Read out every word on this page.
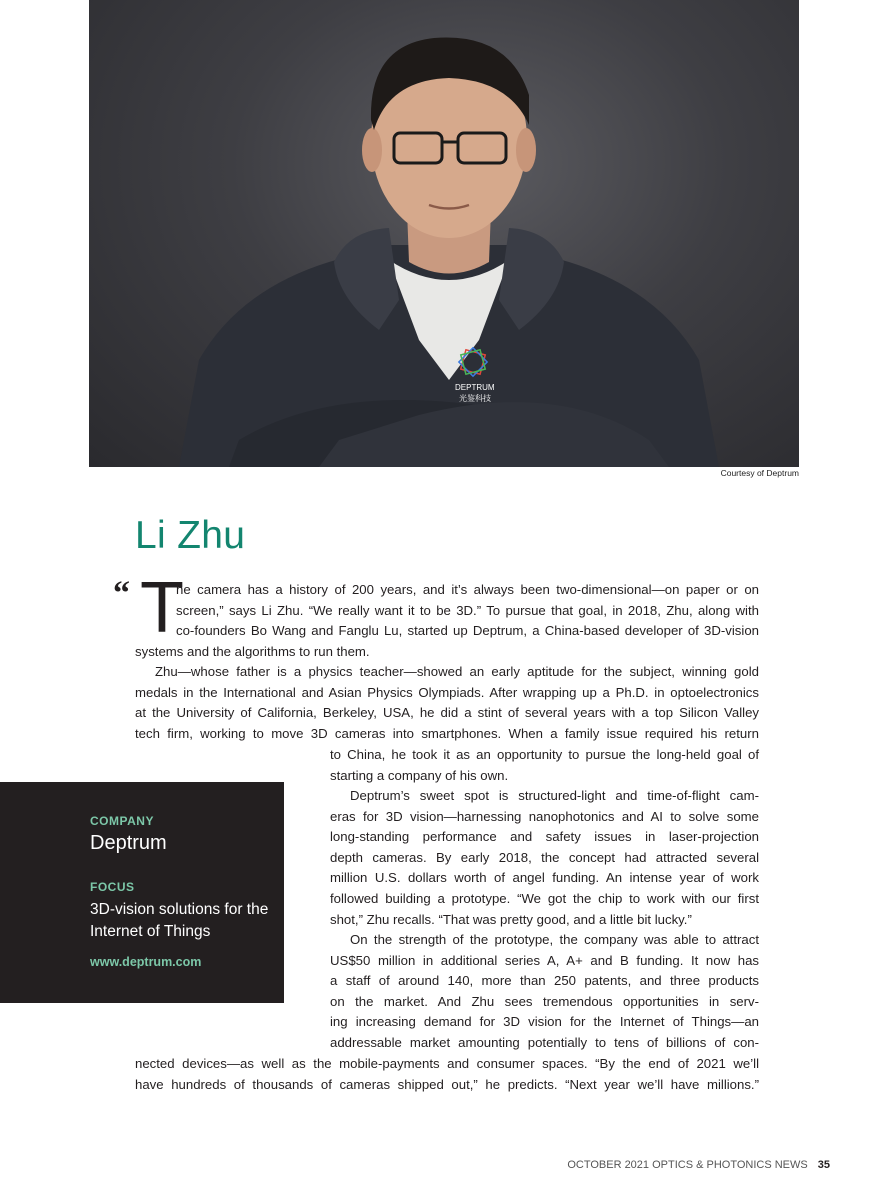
DEPTRUM
光鉴科技
Courtesy of Deptrum
Li Zhu
“ T
he camera has a history of 200 years, and it’s always been two-dimensional—on paper or on
screen,” says Li Zhu. “We really want it to be 3D.” To pursue that goal, in 2018, Zhu, along with
co-founders Bo Wang and Fanglu Lu, started up Deptrum, a China-based developer of 3D-vision
systems and the algorithms to run them.
Zhu—whose father is a physics teacher—showed an early aptitude for the subject, winning gold
medals in the International and Asian Physics Olympiads. After wrapping up a Ph.D. in optoelectronics
at the University of California, Berkeley, USA, he did a stint of several years with a top Silicon Valley
tech firm, working to move 3D cameras into smartphones. When a family issue required his return
to China, he took it as an opportunity to pursue the long-held goal of
starting a company of his own.
Deptrum’s sweet spot is structured-light and time-of-flight cam-
eras for 3D vision—harnessing nanophotonics and AI to solve some
long-standing performance and safety issues in laser-projection
depth cameras. By early 2018, the concept had attracted several
million U.S. dollars worth of angel funding. An intense year of work
followed building a prototype. “We got the chip to work with our first
shot,” Zhu recalls. “That was pretty good, and a little bit lucky.”
On the strength of the prototype, the company was able to attract
US$50 million in additional series A, A+ and B funding. It now has
a staff of around 140, more than 250 patents, and three products
on the market. And Zhu sees tremendous opportunities in serv-
ing increasing demand for 3D vision for the Internet of Things—an
addressable market amounting potentially to tens of billions of con-
nected devices—as well as the mobile-payments and consumer spaces. “By the end of 2021 we’ll
have hundreds of thousands of cameras shipped out,” he predicts. “Next year we’ll have millions.”
COMPANY
Deptrum
FOCUS
3D-vision solutions for the Internet of Things
www.deptrum.com
OCTOBER 2021 OPTICS & PHOTONICS NEWS 35
